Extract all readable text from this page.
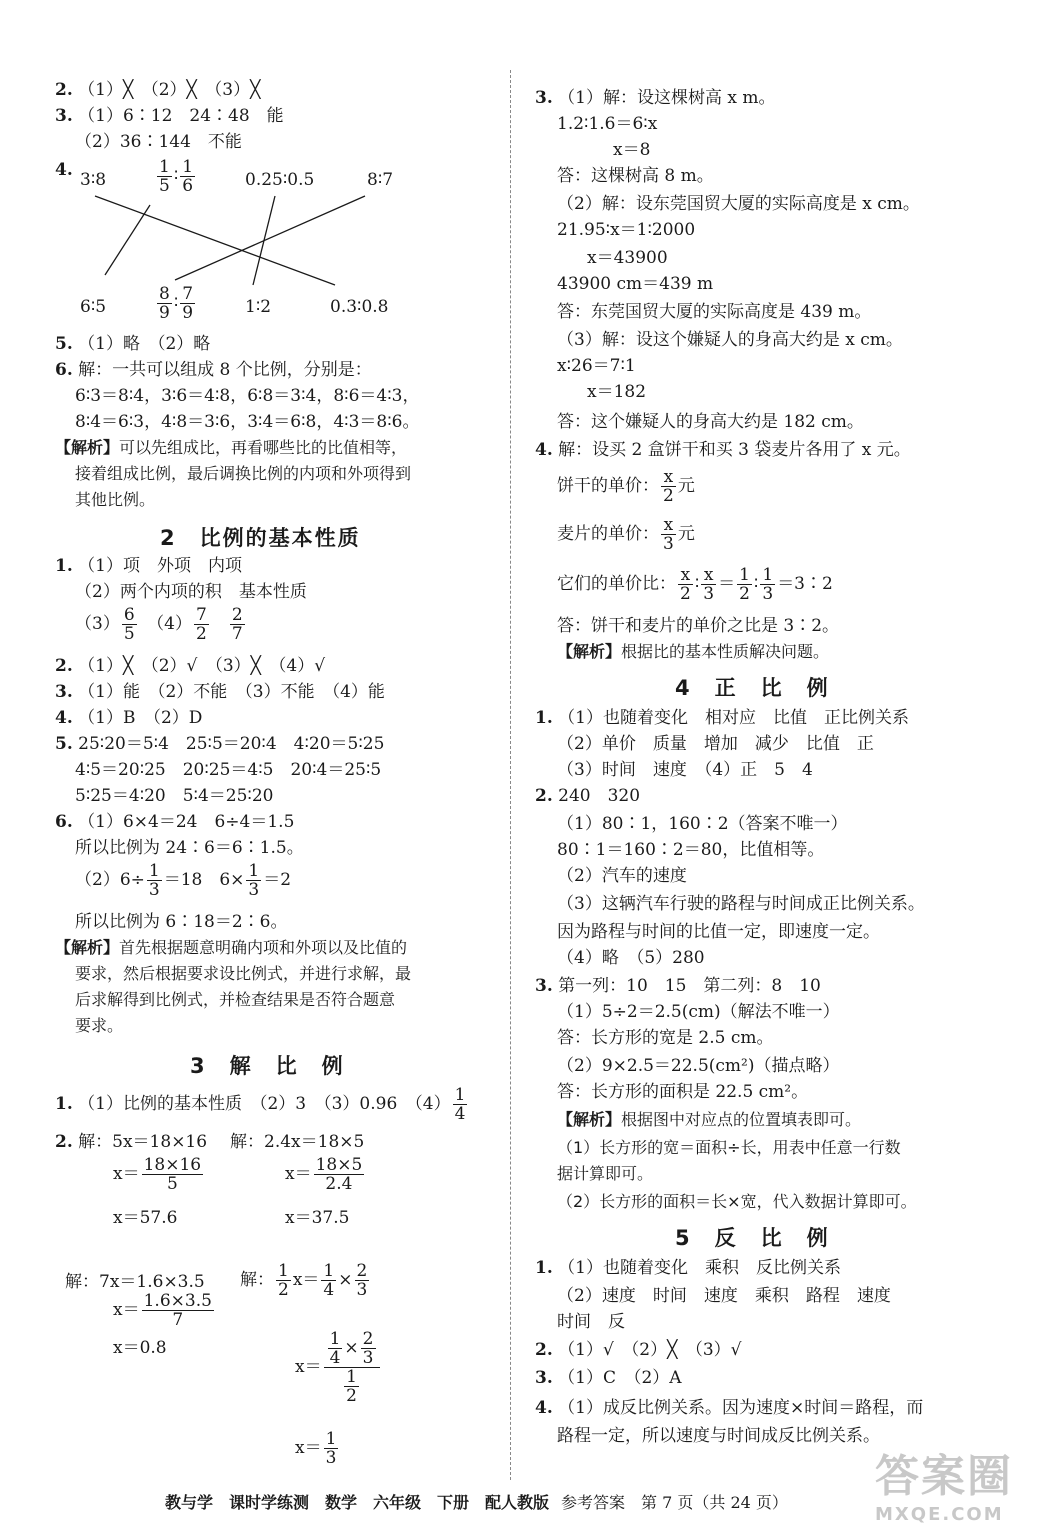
2. （1）╳　（2）╳　（3）╳
3. （1）6∶12　24∶48　能
（2）36∶144　不能
4. 3∶8	$\frac{1}{5}$ ∶ $\frac{1}{6}$	0.25∶0.5	8∶7
6∶5	$\frac{8}{9}$ ∶ $\frac{7}{9}$	1∶2	0.3∶0.8
5. （1）略　（2）略
6. 解：一共可以组成 8 个比例，分别是：
6∶3＝8∶4，3∶6＝4∶8，6∶8＝3∶4，8∶6＝4∶3，
8∶4＝6∶3，4∶8＝3∶6，3∶4＝6∶8，4∶3＝8∶6。
【解析】可以先组成比，再看哪些比的比值相等，
接着组成比例，最后调换比例的内项和外项得到
其他比例。
2　比例的基本性质
1. （1）项　外项　内项
（2）两个内项的积　基本性质
$(3) \frac{6}{5}$
　 $(4) \frac{7}{2}$
　 $\frac{2}{7}$
2. （1）╳　（2）√　（3）╳　（4）√
3. （1）能　（2）不能　（3）不能　（4）能
4. （1）B　（2）D
5. 25∶20＝5∶4　25∶5＝20∶4　4∶20＝5∶25
4∶5＝20∶25　20∶25＝4∶5　20∶4＝25∶5
5∶25＝4∶20　5∶4＝25∶20
6. （1）6×4＝24　6÷4＝1.5
所以比例为 24∶6＝6∶1.5。
$(2)6\div \frac{1}{3} =18$　$6\times \frac{1}{3} =2$
所以比例为 6∶18＝2∶6。
【解析】首先根据题意明确内项和外项以及比值的
要求，然后根据要求设比例式，并进行求解，最
后求解得到比例式，并检查结果是否符合题意
要求。
3　解　比　例
1. （1）比例的基本性质　（2）3　（3）0.96　$(4) \frac{1}{4}$
2. 解：5x＝18×16 解：2.4x＝18×5
$x= \frac{18\times 16}{5}$	$x= \frac{18\times 5}{2.4}$
x＝57.6	x＝37.5
解：7x＝1.6×3.5 解： $\frac{1}{2} x= \frac{1}{4} \times \frac{2}{3}$
$x= \frac{1.6\times 3.5}{7}$
$x= \frac{\frac{1}{4} \times \frac{2}{3}}{\frac{1}{2}}$
x＝0.8
$x= \frac{1}{3}$
3. （1）解：设这棵树高 x m。
1.2∶1.6＝6∶x
x＝8
答：这棵树高 8 m。
（2）解：设东莞国贸大厦的实际高度是 x cm。
21.95∶x＝1∶2000
x＝43900
43900 cm＝439 m
答：东莞国贸大厦的实际高度是 439 m。
（3）解：设这个嫌疑人的身高大约是 x cm。
x∶26＝7∶1
x＝182
答：这个嫌疑人的身高大约是 182 cm。
4. 解：设买 2 盒饼干和买 3 袋麦片各用了 x 元。
饼干的单价： $\frac{x}{2}$ 元
麦片的单价： $\frac{x}{3}$ 元
它们的单价比： $\frac{x}{2}$ ∶ $\frac{x}{3} = \frac{1}{2}$ ∶ $\frac{1}{3}$ ＝3∶2
答：饼干和麦片的单价之比是 3∶2。
【解析】根据比的基本性质解决问题。
4　正　比　例
1. （1）也随着变化　相对应　比值　正比例关系
（2）单价　质量　增加　减少　比值　正
（3）时间　速度　（4）正　5　4
2. 240　320
（1）80∶1，160∶2（答案不唯一）
80∶1＝160∶2＝80，比值相等。
（2）汽车的速度
（3）这辆汽车行驶的路程与时间成正比例关系。
因为路程与时间的比值一定，即速度一定。
（4）略　（5）280
3. 第一列：10　15　第二列：8　10
（1）5÷2＝2.5(cm)（解法不唯一）
答：长方形的宽是 2.5 cm。
（2）9×2.5＝22.5(cm²)（描点略）
答：长方形的面积是 22.5 cm²。
【解析】根据图中对应点的位置填表即可。
（1）长方形的宽＝面积÷长，用表中任意一行数
据计算即可。
（2）长方形的面积＝长×宽，代入数据计算即可。
5　反　比　例
1. （1）也随着变化　乘积　反比例关系
（2）速度　时间　速度　乘积　路程　速度
时间　反
2. （1）√　（2）╳　（3）√
3. （1）C　（2）A
4. （1）成反比例关系。因为速度×时间＝路程，而
路程一定，所以速度与时间成反比例关系。
教与学　课时学练测　数学　六年级　下册　配人教版 参考答案　第 7 页（共 24 页）
答案圈
MXQE.COM
